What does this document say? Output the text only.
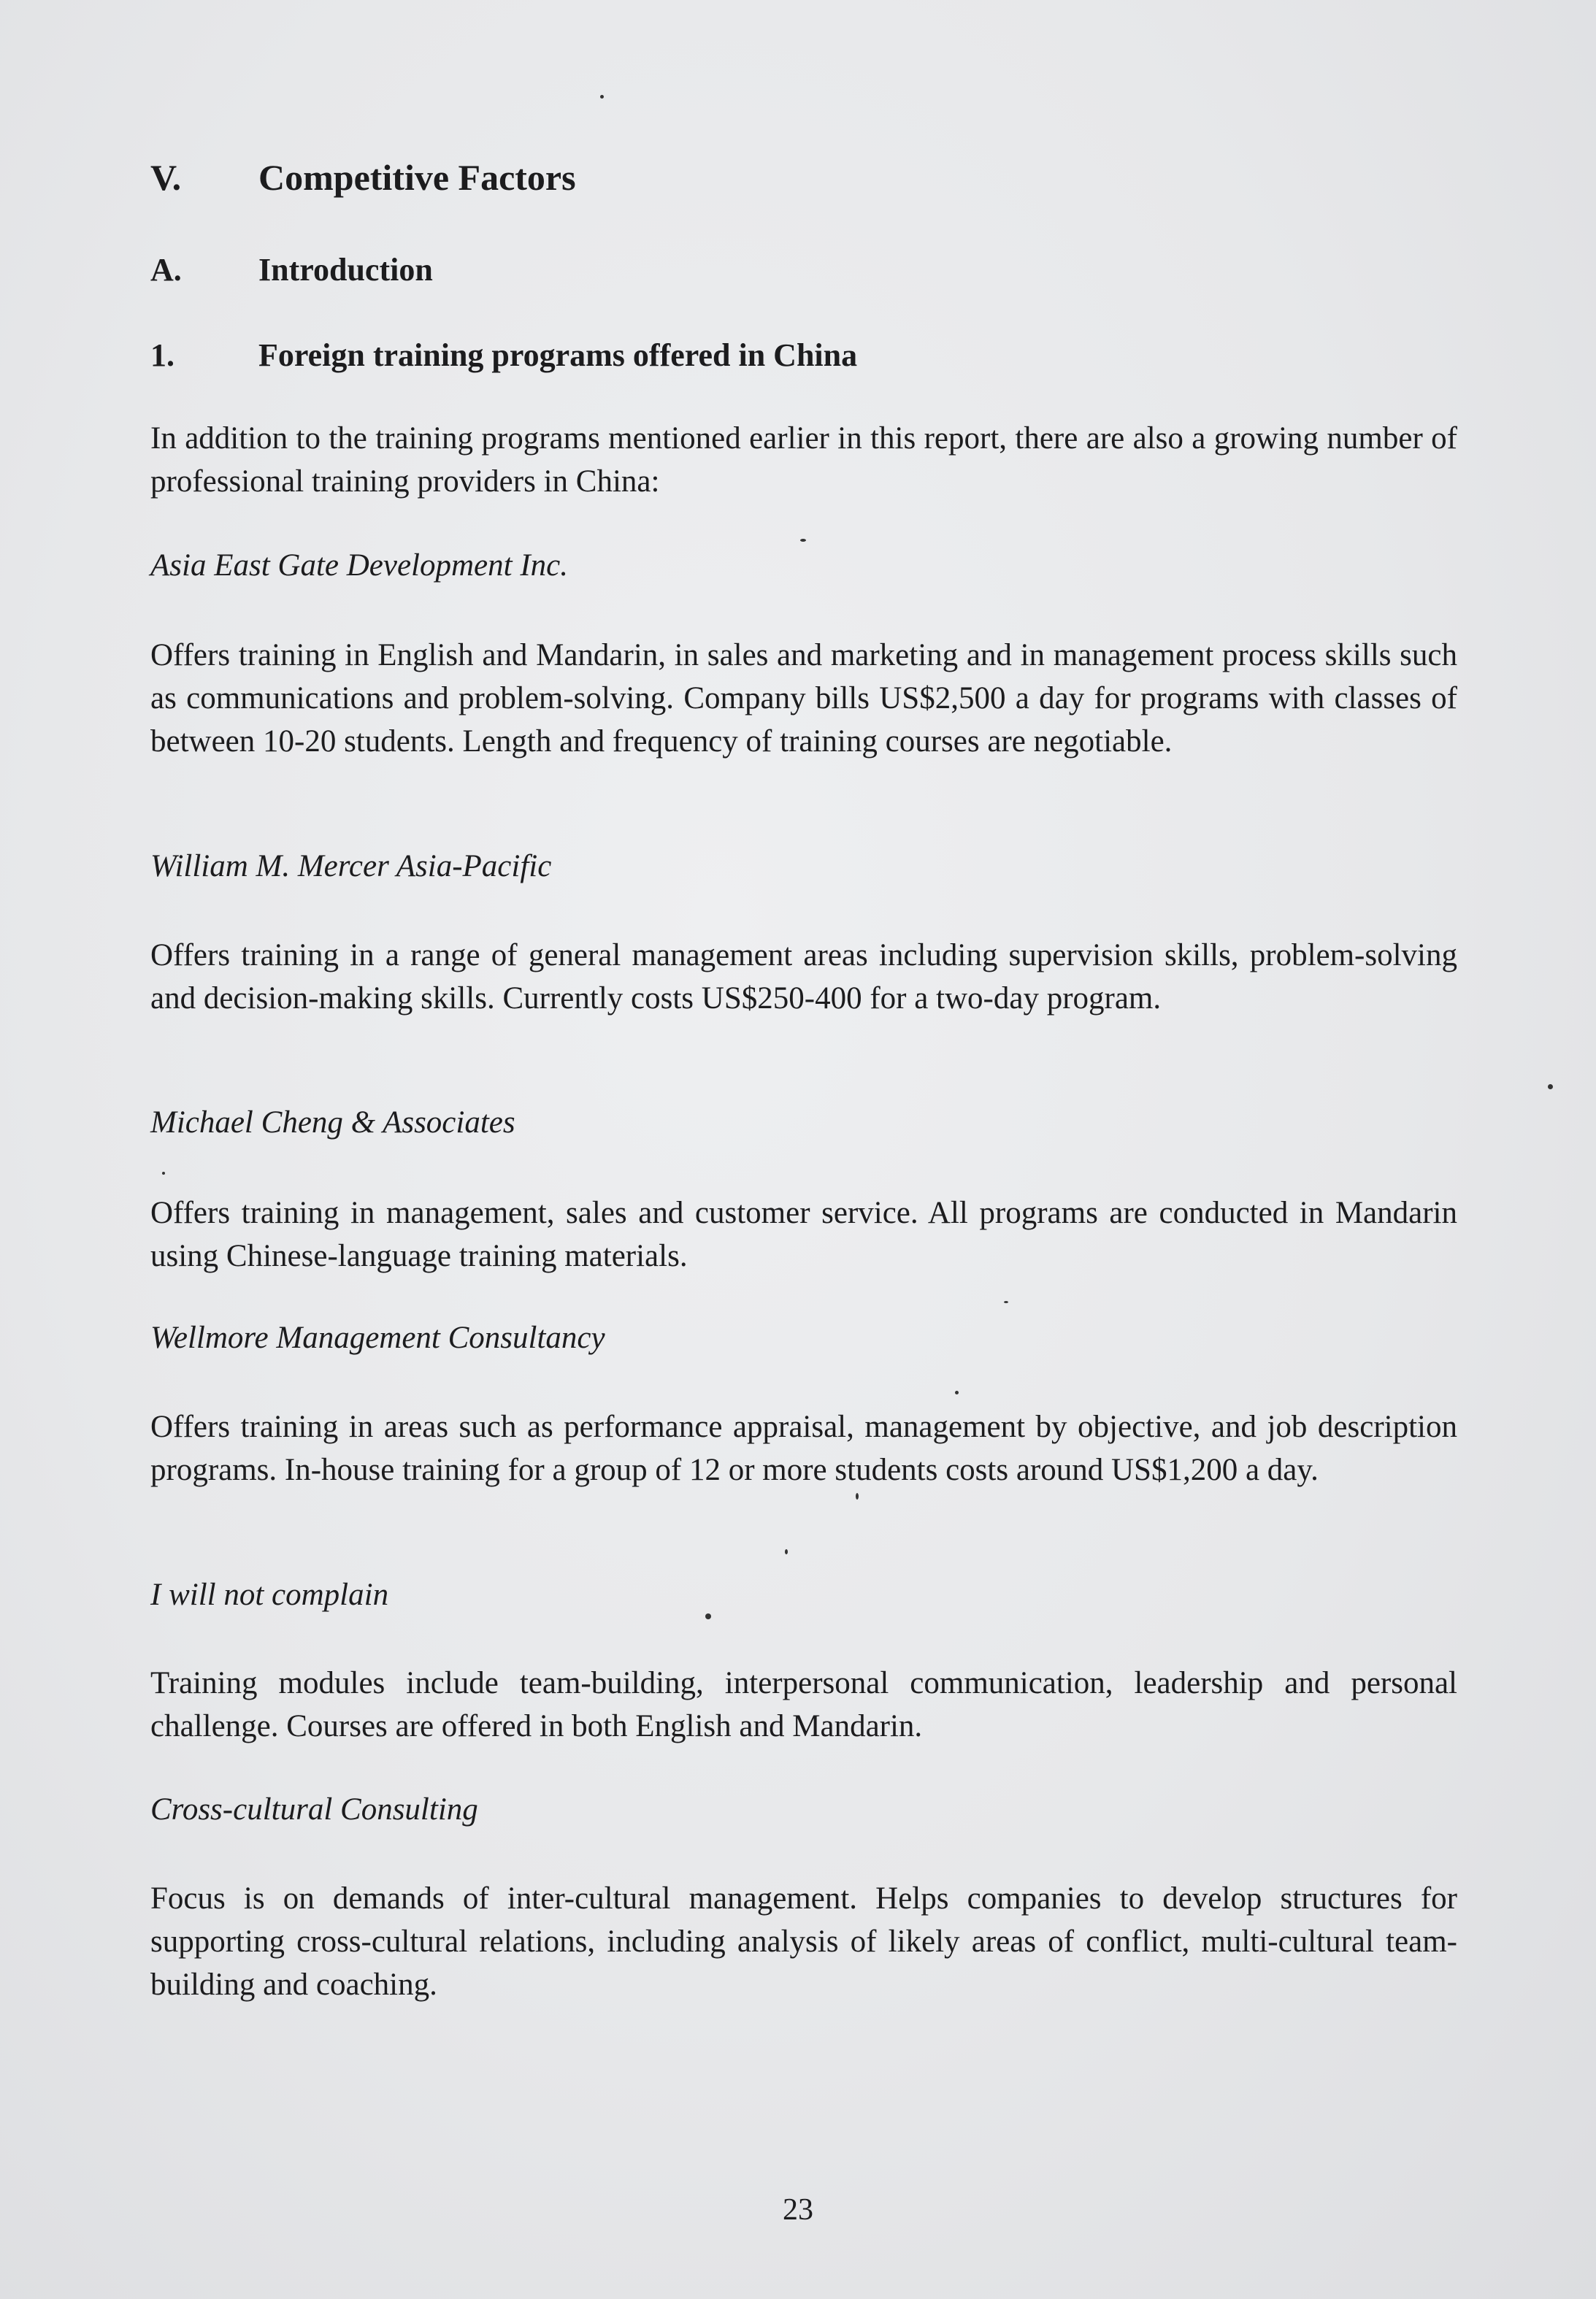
V. Competitive Factors
A. Introduction
1.	Foreign training programs offered in China

In addition to the training programs mentioned earlier in this report, there are also a growing number of professional training providers in China:

Asia East Gate Development Inc.

Offers training in English and Mandarin, in sales and marketing and in management process skills such as communications and problem-solving. Company bills US$2,500 a day for programs with classes of between 10-20 students. Length and frequency of training courses are negotiable.

William M. Mercer Asia-Pacific

Offers training in a range of general management areas including supervision skills, problem-solving and decision-making skills. Currently costs US$250-400 for a two-day program.

Michael Cheng & Associates

Offers training in management, sales and customer service. All programs are conducted in Mandarin using Chinese-language training materials.

Wellmore Management Consultancy

Offers training in areas such as performance appraisal, management by objective, and job description programs. In-house training for a group of 12 or more students costs around US$1,200 a day.

I will not complain

Training modules include team-building, interpersonal communication, leadership and personal challenge. Courses are offered in both English and Mandarin.

Cross-cultural Consulting

Focus is on demands of inter-cultural management. Helps companies to develop structures for supporting cross-cultural relations, including analysis of likely areas of conflict, multi-cultural team-building and coaching.

23
